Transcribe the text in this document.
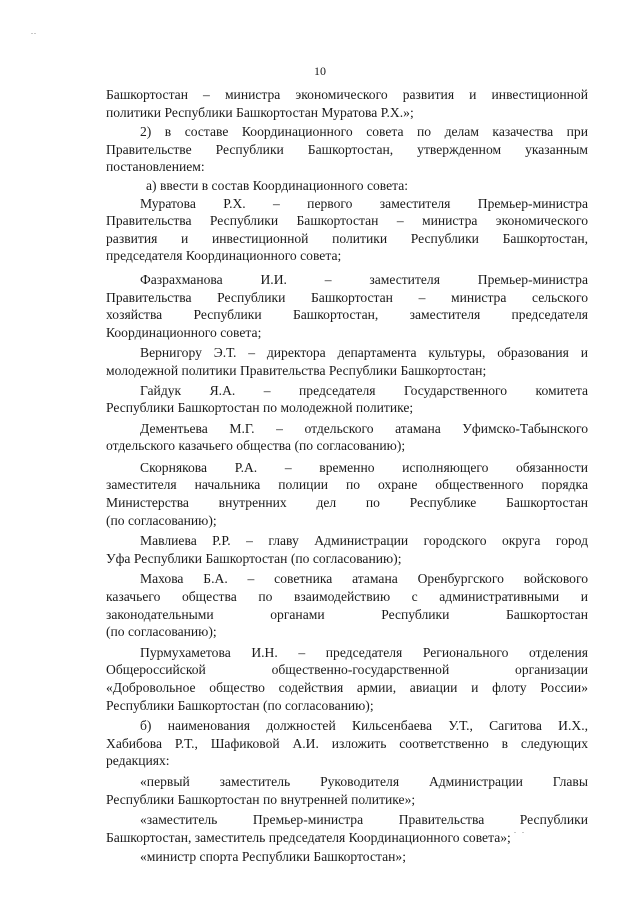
10
Башкортостан – министра экономического развития и инвестиционной
политики Республики Башкортостан Муратова Р.Х.»;
2) в составе Координационного совета по делам казачества при
Правительстве Республики Башкортостан, утвержденном указанным
постановлением:
а) ввести в состав Координационного совета:
Муратова Р.Х. – первого заместителя Премьер-министра
Правительства Республики Башкортостан – министра экономического
развития и инвестиционной политики Республики Башкортостан,
председателя Координационного совета;
Фазрахманова И.И. – заместителя Премьер-министра
Правительства Республики Башкортостан – министра сельского
хозяйства Республики Башкортостан, заместителя председателя
Координационного совета;
Вернигору Э.Т. – директора департамента культуры, образования и
молодежной политики Правительства Республики Башкортостан;
Гайдук Я.А. – председателя Государственного комитета
Республики Башкортостан по молодежной политике;
Дементьева М.Г. – отдельского атамана Уфимско-Табынского
отдельского казачьего общества (по согласованию);
Скорнякова Р.А. – временно исполняющего обязанности
заместителя начальника полиции по охране общественного порядка
Министерства внутренних дел по Республике Башкортостан
(по согласованию);
Мавлиева Р.Р. – главу Администрации городского округа город
Уфа Республики Башкортостан (по согласованию);
Махова Б.А. – советника атамана Оренбургского войскового
казачьего общества по взаимодействию с административными и
законодательными органами Республики Башкортостан
(по согласованию);
Пурмухаметова И.Н. – председателя Регионального отделения
Общероссийской общественно-государственной организации
«Добровольное общество содействия армии, авиации и флоту России»
Республики Башкортостан (по согласованию);
б) наименования должностей Кильсенбаева У.Т., Сагитова И.Х.,
Хабибова Р.Т., Шафиковой А.И. изложить соответственно в следующих
редакциях:
«первый заместитель Руководителя Администрации Главы
Республики Башкортостан по внутренней политике»;
«заместитель Премьер-министра Правительства Республики
Башкортостан, заместитель председателя Координационного совета»;
«министр спорта Республики Башкортостан»;
